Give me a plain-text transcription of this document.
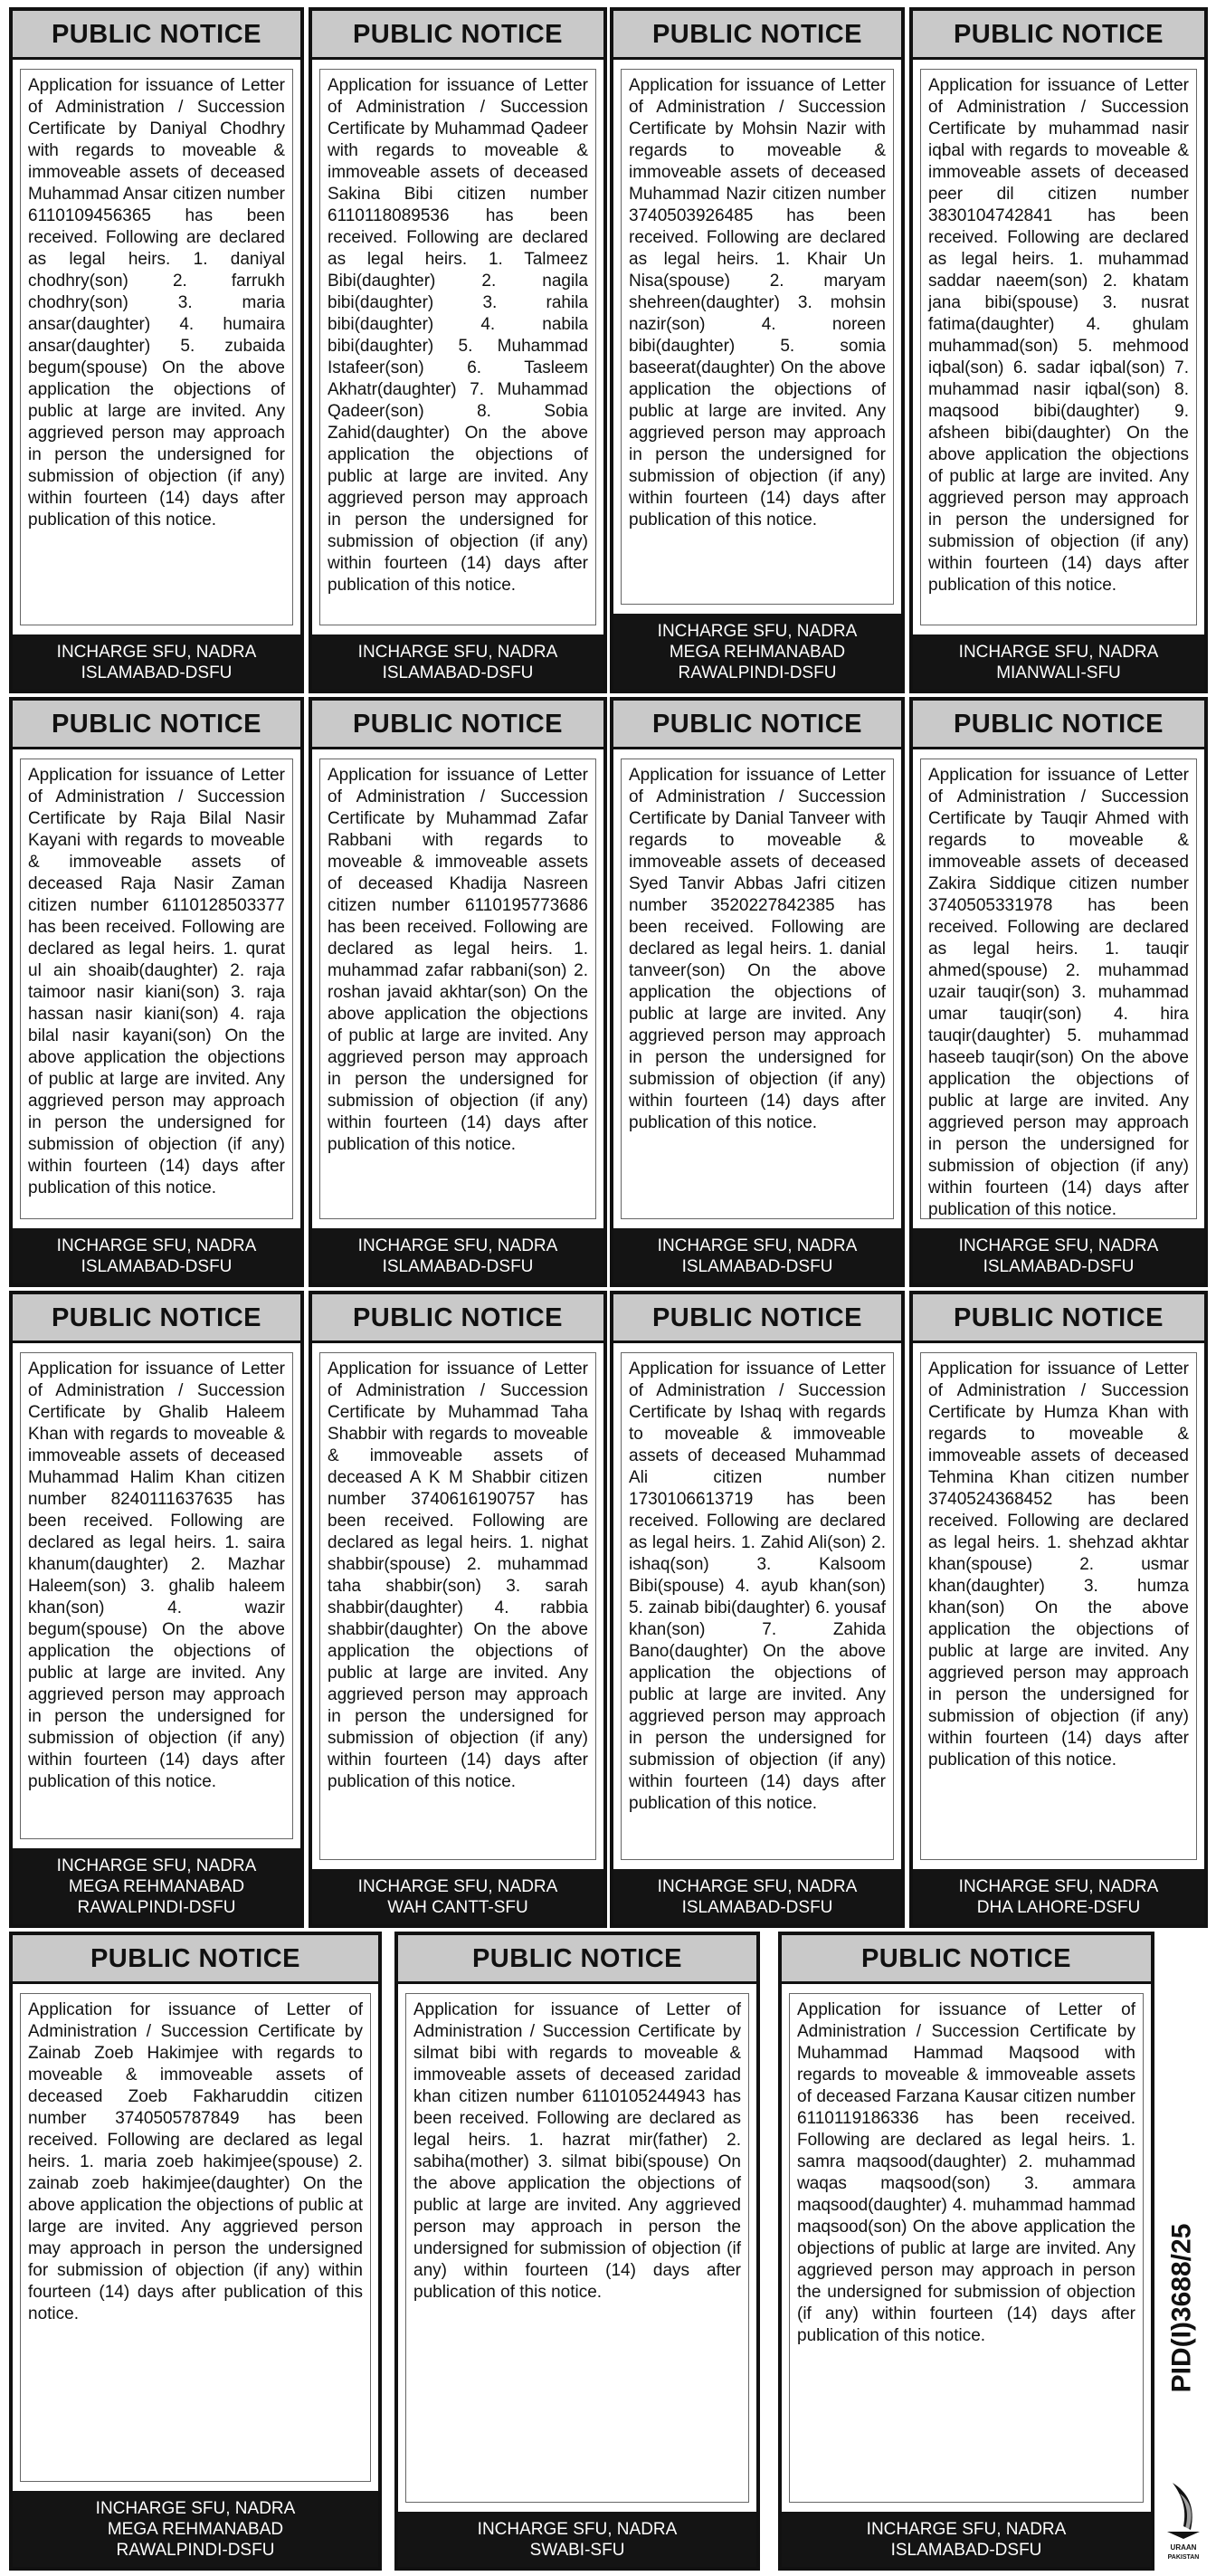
PUBLIC NOTICE
Application for issuance of Letter of Administration / Succession Certificate by Daniyal Chodhry with regards to moveable & immoveable assets of deceased Muhammad Ansar citizen number 6110109456365 has been received. Following are declared as legal heirs. 1. daniyal chodhry(son) 2. farrukh chodhry(son) 3. maria ansar(daughter) 4. humaira ansar(daughter) 5. zubaida begum(spouse) On the above application the objections of public at large are invited. Any aggrieved person may approach in person the undersigned for submission of objection (if any) within fourteen (14) days after publication of this notice.
INCHARGE SFU, NADRA
ISLAMABAD-DSFU
PUBLIC NOTICE
Application for issuance of Letter of Administration / Succession Certificate by Muhammad Qadeer with regards to moveable & immoveable assets of deceased Sakina Bibi citizen number 6110118089536 has been received. Following are declared as legal heirs. 1. Talmeez Bibi(daughter) 2. nagila bibi(daughter) 3. rahila bibi(daughter) 4. nabila bibi(daughter) 5. Muhammad Istafeer(son) 6. Tasleem Akhatr(daughter) 7. Muhammad Qadeer(son) 8. Sobia Zahid(daughter) On the above application the objections of public at large are invited. Any aggrieved person may approach in person the undersigned for submission of objection (if any) within fourteen (14) days after publication of this notice.
INCHARGE SFU, NADRA
ISLAMABAD-DSFU
PUBLIC NOTICE
Application for issuance of Letter of Administration / Succession Certificate by Mohsin Nazir with regards to moveable & immoveable assets of deceased Muhammad Nazir citizen number 3740503926485 has been received. Following are declared as legal heirs. 1. Khair Un Nisa(spouse) 2. maryam shehreen(daughter) 3. mohsin nazir(son) 4. noreen bibi(daughter) 5. somia baseerat(daughter) On the above application the objections of public at large are invited. Any aggrieved person may approach in person the undersigned for submission of objection (if any) within fourteen (14) days after publication of this notice.
INCHARGE SFU, NADRA
MEGA REHMANABAD
RAWALPINDI-DSFU
PUBLIC NOTICE
Application for issuance of Letter of Administration / Succession Certificate by muhammad nasir iqbal with regards to moveable & immoveable assets of deceased peer dil citizen number 3830104742841 has been received. Following are declared as legal heirs. 1. muhammad saddar naeem(son) 2. khatam jana bibi(spouse) 3. nusrat fatima(daughter) 4. ghulam muhammad(son) 5. mehmood iqbal(son) 6. sadar iqbal(son) 7. muhammad nasir iqbal(son) 8. maqsood bibi(daughter) 9. afsheen bibi(daughter) On the above application the objections of public at large are invited. Any aggrieved person may approach in person the undersigned for submission of objection (if any) within fourteen (14) days after publication of this notice.
INCHARGE SFU, NADRA
MIANWALI-SFU
PUBLIC NOTICE
Application for issuance of Letter of Administration / Succession Certificate by Raja Bilal Nasir Kayani with regards to moveable & immoveable assets of deceased Raja Nasir Zaman citizen number 6110128503377 has been received. Following are declared as legal heirs. 1. qurat ul ain shoaib(daughter) 2. raja taimoor nasir kiani(son) 3. raja hassan nasir kiani(son) 4. raja bilal nasir kayani(son) On the above application the objections of public at large are invited. Any aggrieved person may approach in person the undersigned for submission of objection (if any) within fourteen (14) days after publication of this notice.
INCHARGE SFU, NADRA
ISLAMABAD-DSFU
PUBLIC NOTICE
Application for issuance of Letter of Administration / Succession Certificate by Muhammad Zafar Rabbani with regards to moveable & immoveable assets of deceased Khadija Nasreen citizen number 6110195773686 has been received. Following are declared as legal heirs. 1. muhammad zafar rabbani(son) 2. roshan javaid akhtar(son) On the above application the objections of public at large are invited. Any aggrieved person may approach in person the undersigned for submission of objection (if any) within fourteen (14) days after publication of this notice.
INCHARGE SFU, NADRA
ISLAMABAD-DSFU
PUBLIC NOTICE
Application for issuance of Letter of Administration / Succession Certificate by Danial Tanveer with regards to moveable & immoveable assets of deceased Syed Tanvir Abbas Jafri citizen number 3520227842385 has been received. Following are declared as legal heirs. 1. danial tanveer(son) On the above application the objections of public at large are invited. Any aggrieved person may approach in person the undersigned for submission of objection (if any) within fourteen (14) days after publication of this notice.
INCHARGE SFU, NADRA
ISLAMABAD-DSFU
PUBLIC NOTICE
Application for issuance of Letter of Administration / Succession Certificate by Tauqir Ahmed with regards to moveable & immoveable assets of deceased Zakira Siddique citizen number 3740505331978 has been received. Following are declared as legal heirs. 1. tauqir ahmed(spouse) 2. muhammad uzair tauqir(son) 3. muhammad umar tauqir(son) 4. hira tauqir(daughter) 5. muhammad haseeb tauqir(son) On the above application the objections of public at large are invited. Any aggrieved person may approach in person the undersigned for submission of objection (if any) within fourteen (14) days after publication of this notice.
INCHARGE SFU, NADRA
ISLAMABAD-DSFU
PUBLIC NOTICE
Application for issuance of Letter of Administration / Succession Certificate by Ghalib Haleem Khan with regards to moveable & immoveable assets of deceased Muhammad Halim Khan citizen number 8240111637635 has been received. Following are declared as legal heirs. 1. saira khanum(daughter) 2. Mazhar Haleem(son) 3. ghalib haleem khan(son) 4. wazir begum(spouse) On the above application the objections of public at large are invited. Any aggrieved person may approach in person the undersigned for submission of objection (if any) within fourteen (14) days after publication of this notice.
INCHARGE SFU, NADRA
MEGA REHMANABAD
RAWALPINDI-DSFU
PUBLIC NOTICE
Application for issuance of Letter of Administration / Succession Certificate by Muhammad Taha Shabbir with regards to moveable & immoveable assets of deceased A K M Shabbir citizen number 3740616190757 has been received. Following are declared as legal heirs. 1. nighat shabbir(spouse) 2. muhammad taha shabbir(son) 3. sarah shabbir(daughter) 4. rabbia shabbir(daughter) On the above application the objections of public at large are invited. Any aggrieved person may approach in person the undersigned for submission of objection (if any) within fourteen (14) days after publication of this notice.
INCHARGE SFU, NADRA
WAH CANTT-SFU
PUBLIC NOTICE
Application for issuance of Letter of Administration / Succession Certificate by Ishaq with regards to moveable & immoveable assets of deceased Muhammad Ali citizen number 1730106613719 has been received. Following are declared as legal heirs. 1. Zahid Ali(son) 2. ishaq(son) 3. Kalsoom Bibi(spouse) 4. ayub khan(son) 5. zainab bibi(daughter) 6. yousaf khan(son) 7. Zahida Bano(daughter) On the above application the objections of public at large are invited. Any aggrieved person may approach in person the undersigned for submission of objection (if any) within fourteen (14) days after publication of this notice.
INCHARGE SFU, NADRA
ISLAMABAD-DSFU
PUBLIC NOTICE
Application for issuance of Letter of Administration / Succession Certificate by Humza Khan with regards to moveable & immoveable assets of deceased Tehmina Khan citizen number 3740524368452 has been received. Following are declared as legal heirs. 1. shehzad akhtar khan(spouse) 2. usmar khan(daughter) 3. humza khan(son) On the above application the objections of public at large are invited. Any aggrieved person may approach in person the undersigned for submission of objection (if any) within fourteen (14) days after publication of this notice.
INCHARGE SFU, NADRA
DHA LAHORE-DSFU
PUBLIC NOTICE
Application for issuance of Letter of Administration / Succession Certificate by Zainab Zoeb Hakimjee with regards to moveable & immoveable assets of deceased Zoeb Fakharuddin citizen number 3740505787849 has been received. Following are declared as legal heirs. 1. maria zoeb hakimjee(spouse) 2. zainab zoeb hakimjee(daughter) On the above application the objections of public at large are invited. Any aggrieved person may approach in person the undersigned for submission of objection (if any) within fourteen (14) days after publication of this notice.
INCHARGE SFU, NADRA
MEGA REHMANABAD
RAWALPINDI-DSFU
PUBLIC NOTICE
Application for issuance of Letter of Administration / Succession Certificate by silmat bibi with regards to moveable & immoveable assets of deceased zaridad khan citizen number 6110105244943 has been received. Following are declared as legal heirs. 1. hazrat mir(father) 2. sabiha(mother) 3. silmat bibi(spouse) On the above application the objections of public at large are invited. Any aggrieved person may approach in person the undersigned for submission of objection (if any) within fourteen (14) days after publication of this notice.
INCHARGE SFU, NADRA
SWABI-SFU
PUBLIC NOTICE
Application for issuance of Letter of Administration / Succession Certificate by Muhammad Hammad Maqsood with regards to moveable & immoveable assets of deceased Farzana Kausar citizen number 6110119186336 has been received. Following are declared as legal heirs. 1. samra maqsood(daughter) 2. muhammad waqas maqsood(son) 3. ammara maqsood(daughter) 4. muhammad hammad maqsood(son) On the above application the objections of public at large are invited. Any aggrieved person may approach in person the undersigned for submission of objection (if any) within fourteen (14) days after publication of this notice.
INCHARGE SFU, NADRA
ISLAMABAD-DSFU
PID(I)3688/25
URAAN
PAKISTAN
